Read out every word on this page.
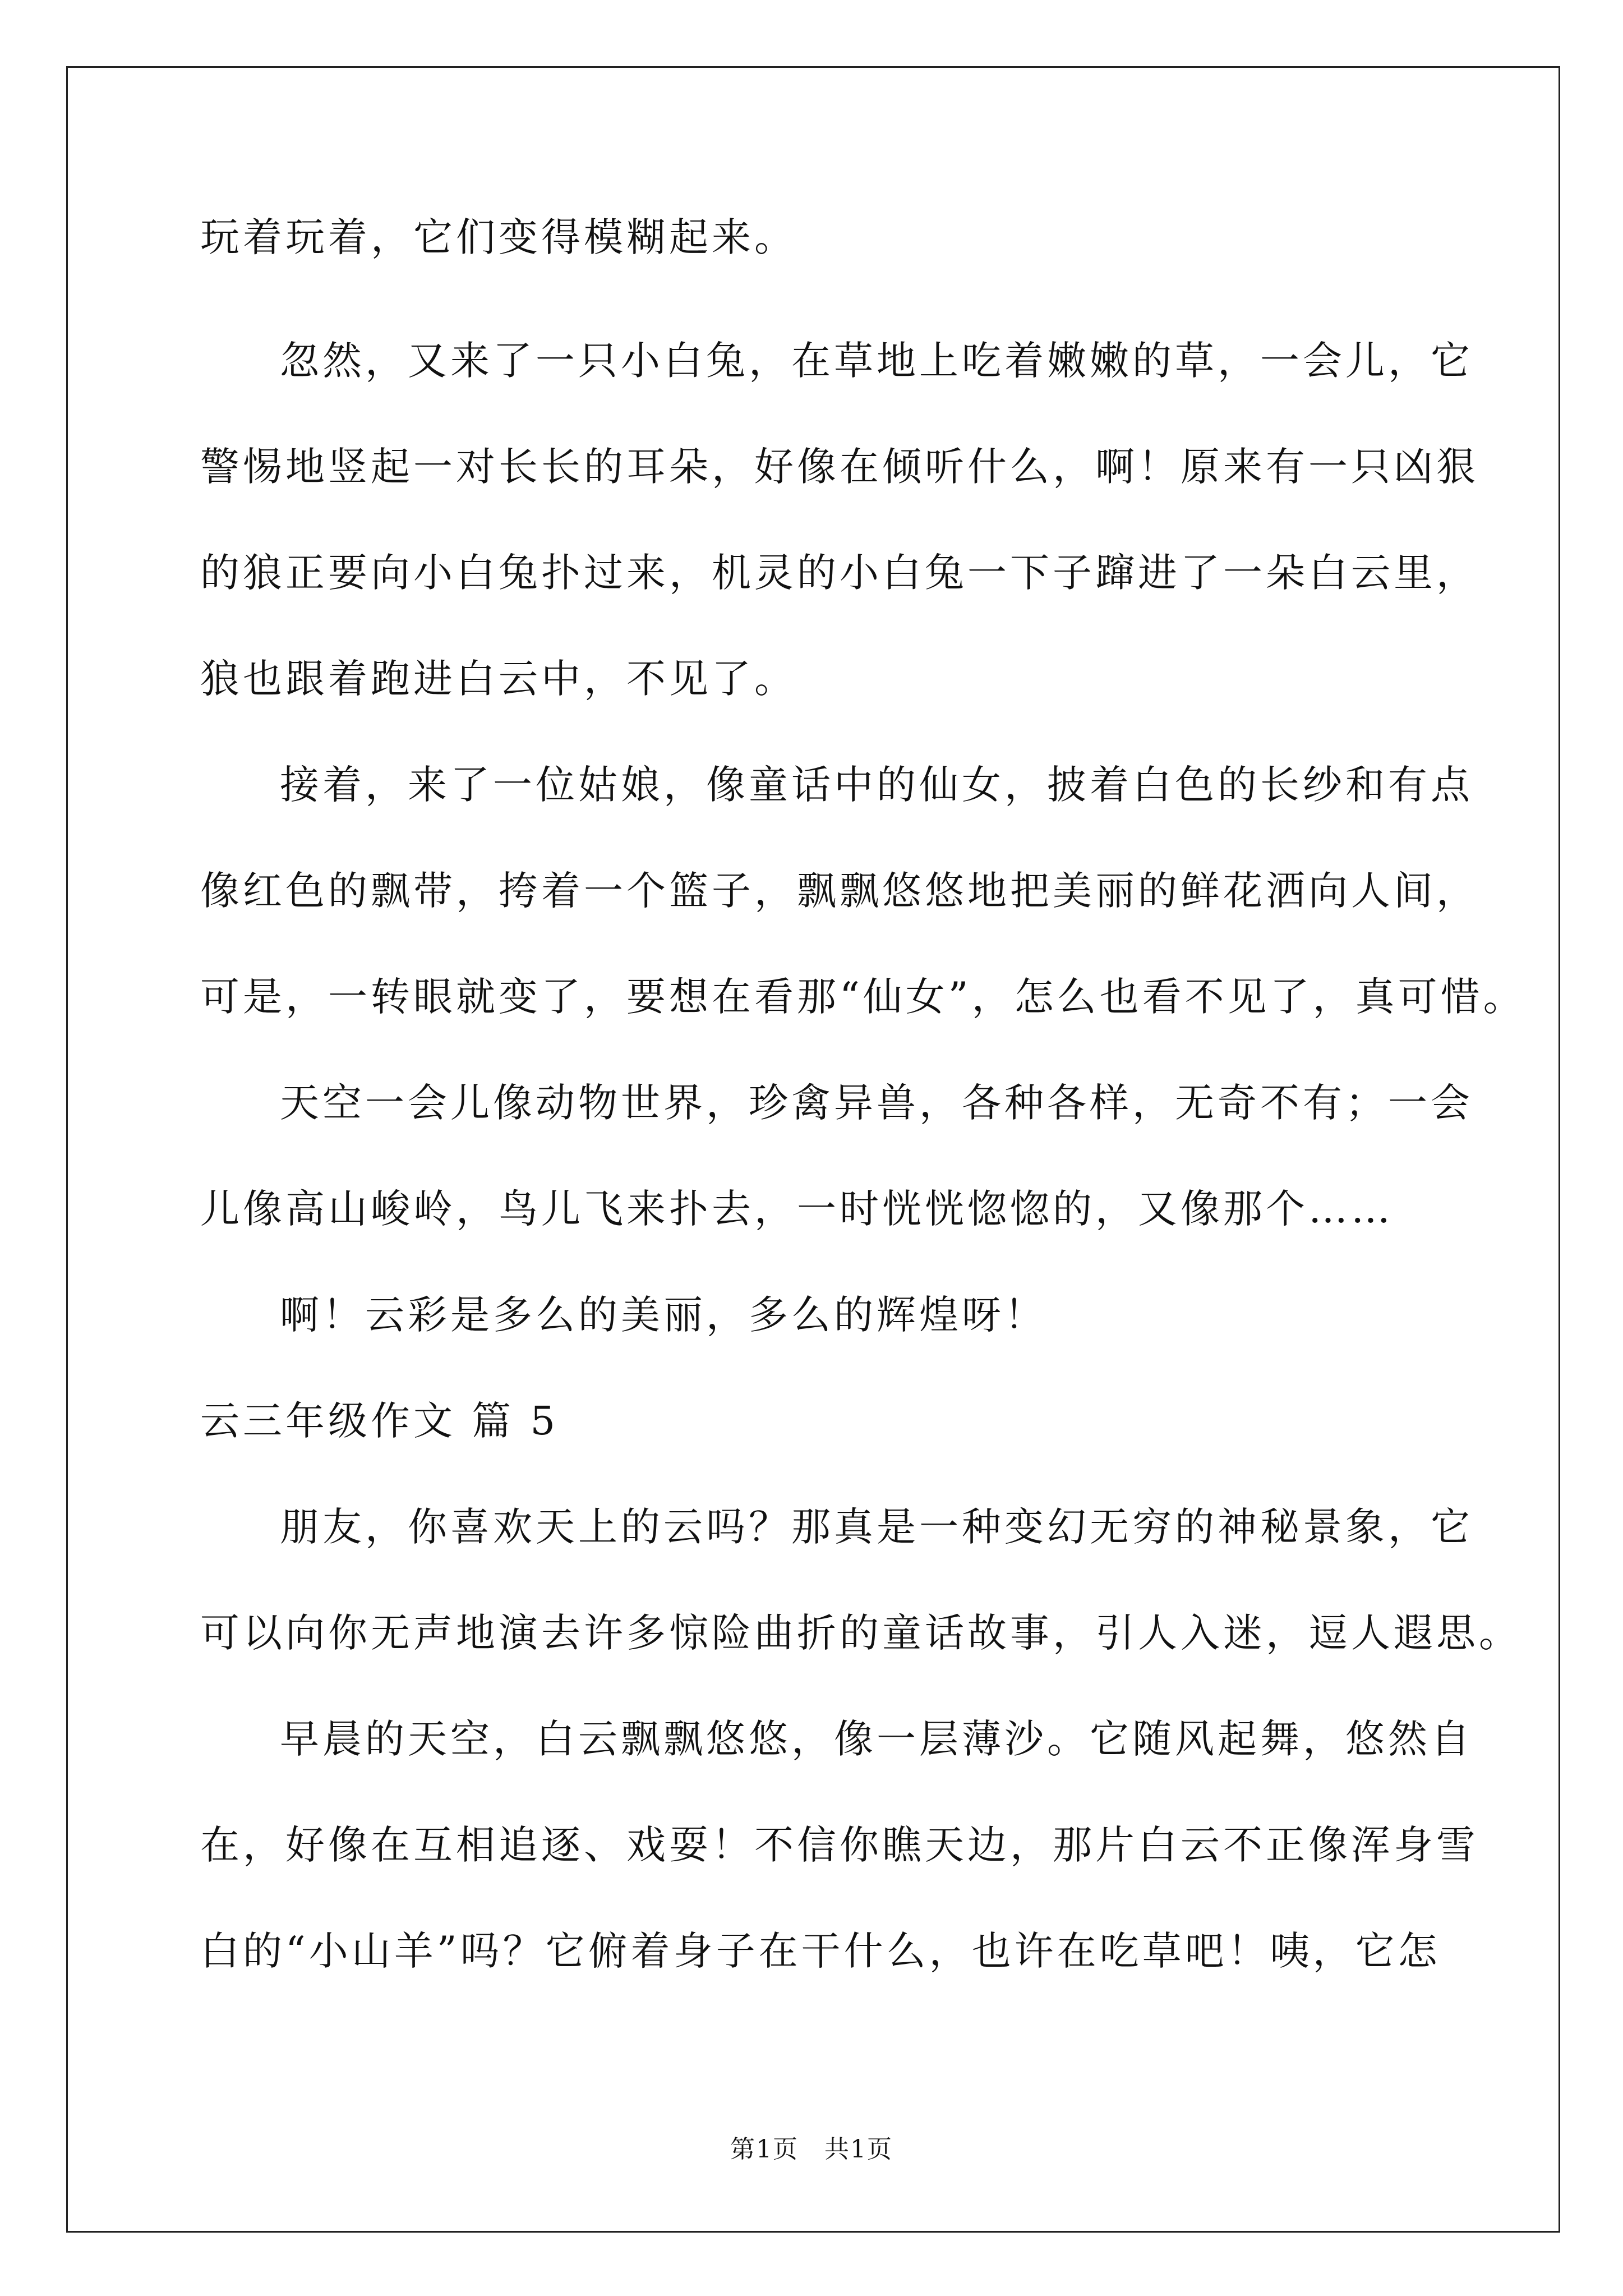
玩着玩着，它们变得模糊起来。
忽然，又来了一只小白兔，在草地上吃着嫩嫩的草，一会儿，它
警惕地竖起一对长长的耳朵，好像在倾听什么，啊！原来有一只凶狠
的狼正要向小白兔扑过来，机灵的小白兔一下子蹿进了一朵白云里，
狼也跟着跑进白云中，不见了。
接着，来了一位姑娘，像童话中的仙女，披着白色的长纱和有点
像红色的飘带，挎着一个篮子，飘飘悠悠地把美丽的鲜花洒向人间，
可是，一转眼就变了，要想在看那“仙女”，怎么也看不见了，真可惜。
天空一会儿像动物世界，珍禽异兽，各种各样，无奇不有；一会
儿像高山峻岭，鸟儿飞来扑去，一时恍恍惚惚的，又像那个……
啊！云彩是多么的美丽，多么的辉煌呀！
云三年级作文 篇 5
朋友，你喜欢天上的云吗？那真是一种变幻无穷的神秘景象，它
可以向你无声地演去许多惊险曲折的童话故事，引人入迷，逗人遐思。
早晨的天空，白云飘飘悠悠，像一层薄沙。它随风起舞，悠然自
在，好像在互相追逐、戏耍！不信你瞧天边，那片白云不正像浑身雪
白的“小山羊”吗？它俯着身子在干什么，也许在吃草吧！咦，它怎
第1页　共1页
